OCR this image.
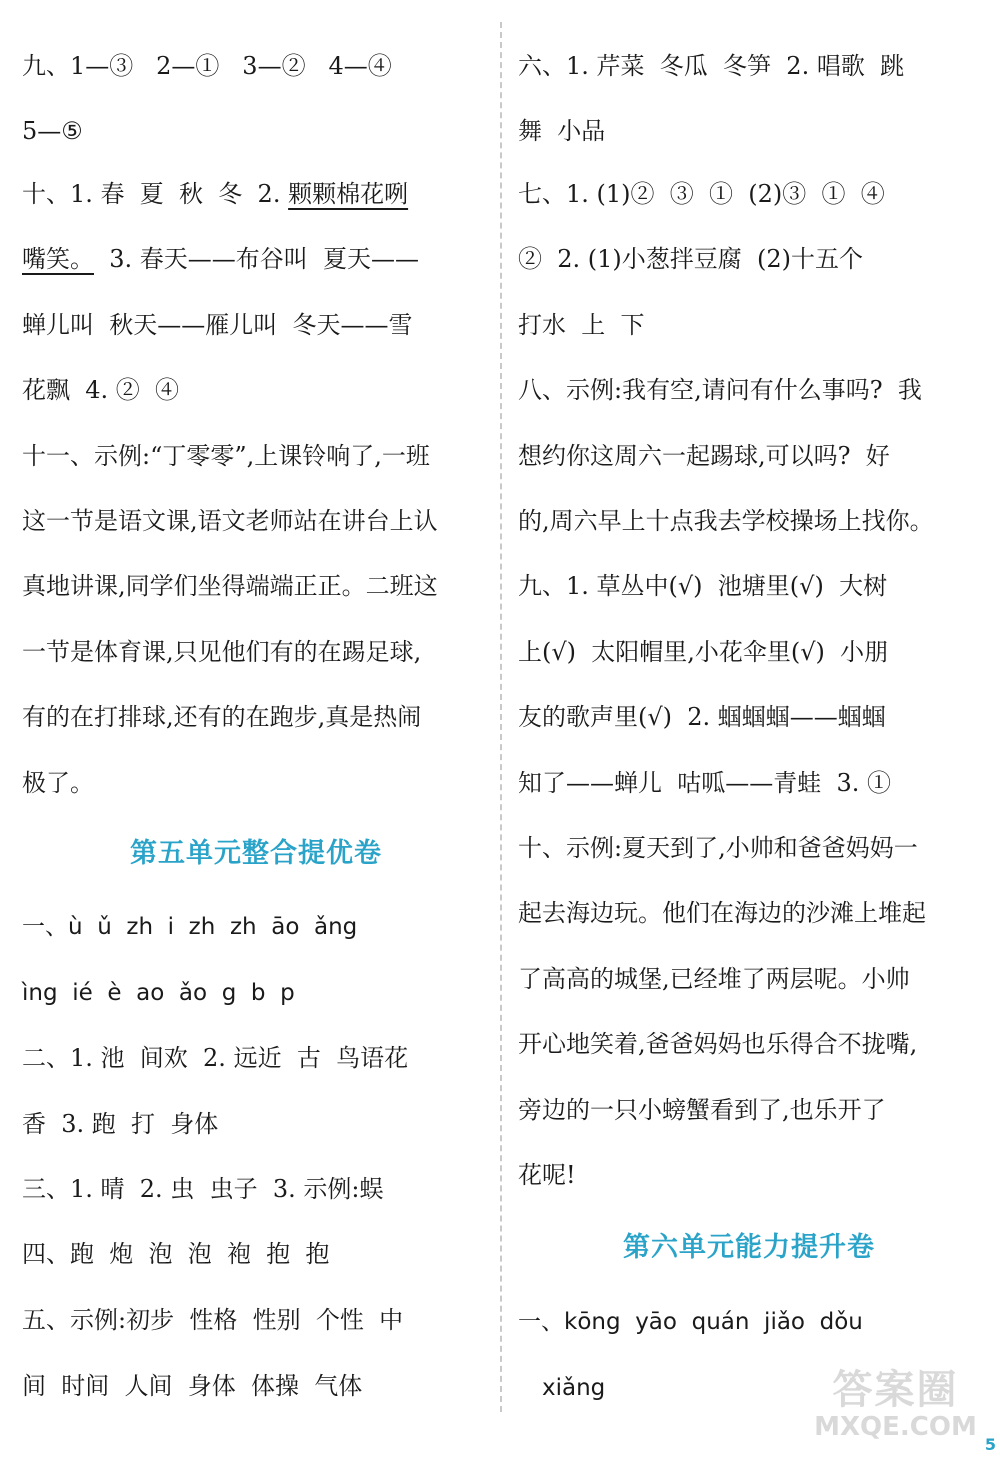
九、1—③   2—①   3—②   4—④
5—⑤
十、1. 春  夏  秋  冬  2. 颗颗棉花咧
嘴笑。  3. 春天——布谷叫  夏天——
蝉儿叫  秋天——雁儿叫  冬天——雪
花飘  4. ②  ④
十一、示例:“丁零零”,上课铃响了,一班
这一节是语文课,语文老师站在讲台上认
真地讲课,同学们坐得端端正正。二班这
一节是体育课,只见他们有的在踢足球,
有的在打排球,还有的在跑步,真是热闹
极了。
第五单元整合提优卷
一、ù  ǔ  zh  i  zh  zh  āo  ǎng
ìng  ié  è  ao  ǎo  g  b  p
二、1. 池  间欢  2. 远近  古  鸟语花
香  3. 跑  打  身体
三、1. 晴  2. 虫  虫子  3. 示例:蜈
四、跑  炮  泡  泡  袍  抱  抱
五、示例:初步  性格  性别  个性  中
间  时间  人间  身体  体操  气体
六、1. 芹菜  冬瓜  冬笋  2. 唱歌  跳
舞  小品
七、1. (1)②  ③  ①  (2)③  ①  ④
②  2. (1)小葱拌豆腐  (2)十五个
打水  上  下
八、示例:我有空,请问有什么事吗?  我
想约你这周六一起踢球,可以吗?  好
的,周六早上十点我去学校操场上找你。
九、1. 草丛中(√)  池塘里(√)  大树
上(√)  太阳帽里,小花伞里(√)  小朋
友的歌声里(√)  2. 蝈蝈蝈——蝈蝈
知了——蝉儿  咕呱——青蛙  3. ①
十、示例:夏天到了,小帅和爸爸妈妈一
起去海边玩。他们在海边的沙滩上堆起
了高高的城堡,已经堆了两层呢。小帅
开心地笑着,爸爸妈妈也乐得合不拢嘴,
旁边的一只小螃蟹看到了,也乐开了
花呢!
第六单元能力提升卷
一、kōng  yāo  quán  jiǎo  dǒu
xiǎng	答案圈
MXQE.COM
5
